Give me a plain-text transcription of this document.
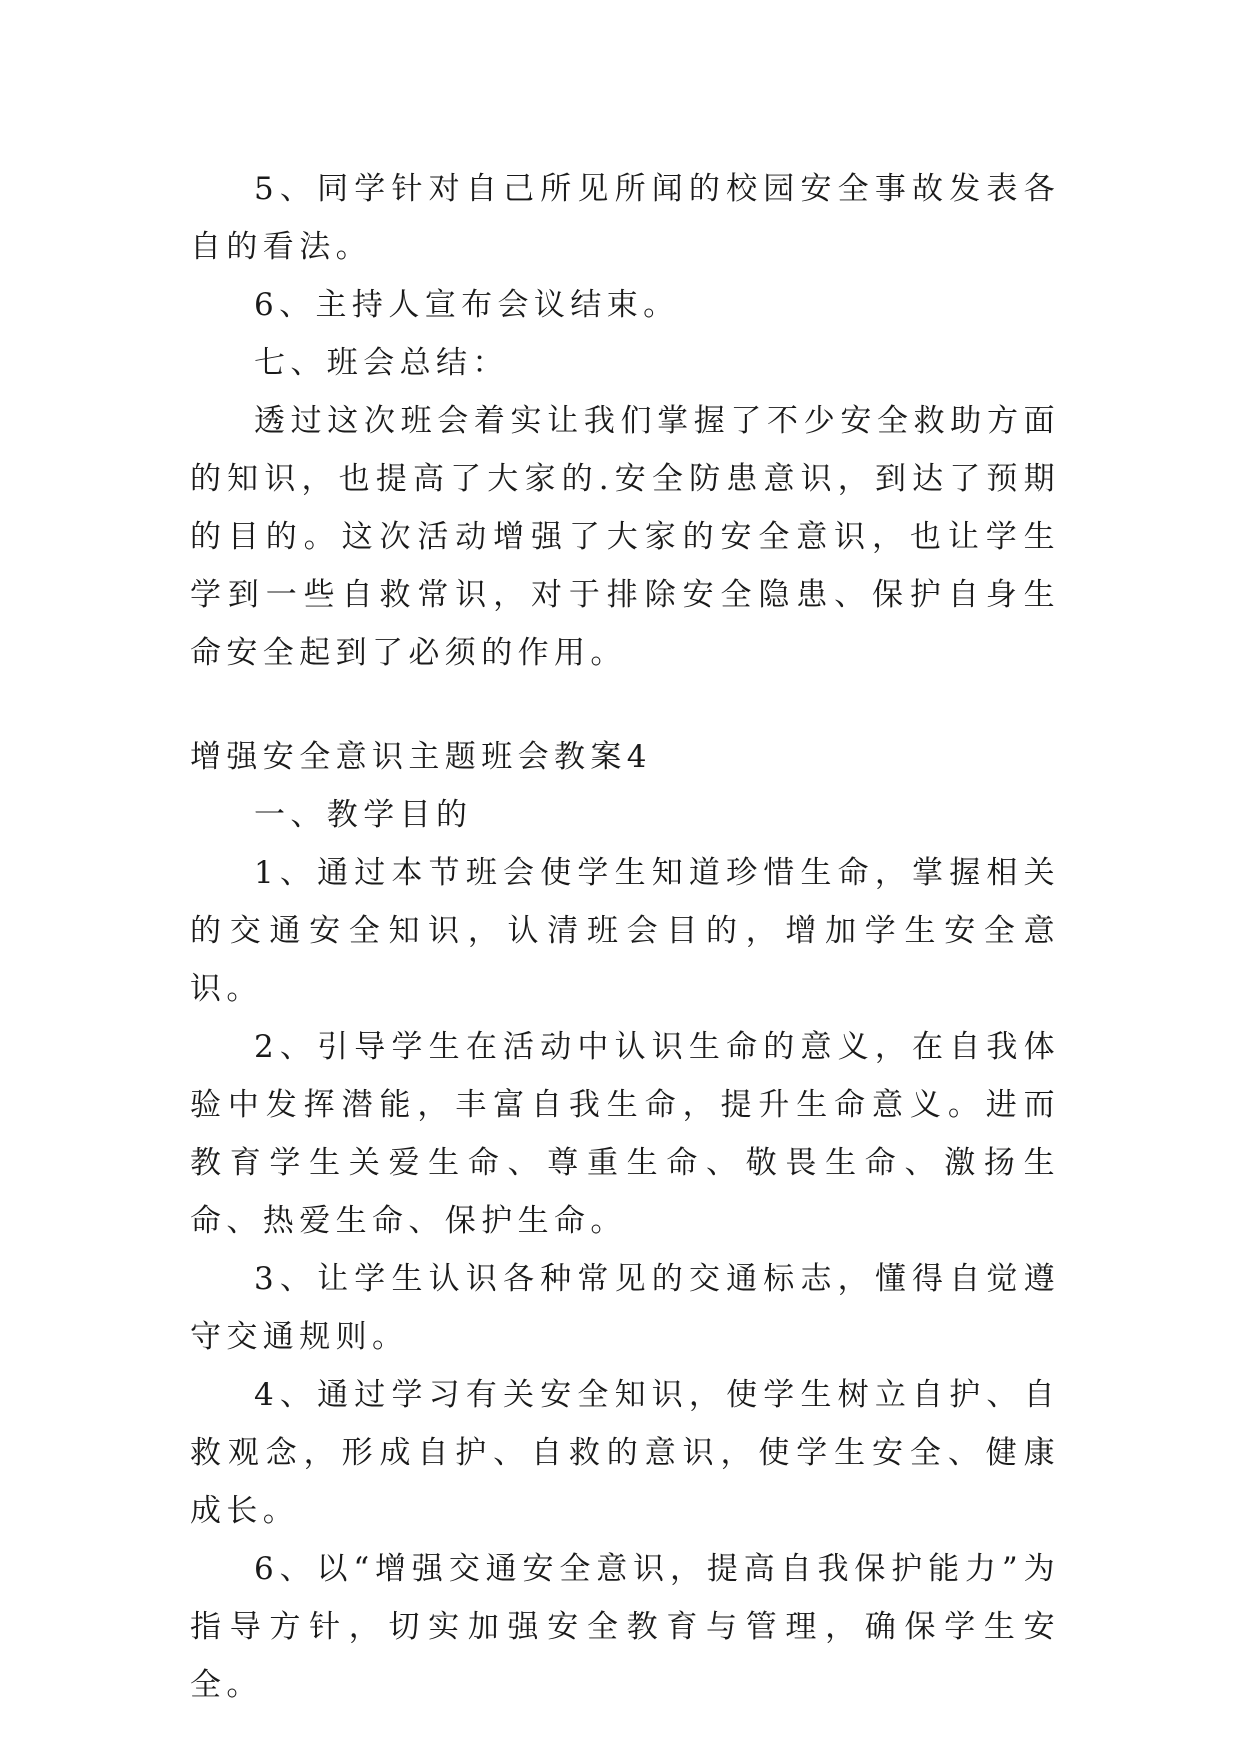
5、同学针对自己所见所闻的校园安全事故发表各自的看法。

6、主持人宣布会议结束。

七、班会总结：

透过这次班会着实让我们掌握了不少安全救助方面的知识，也提高了大家的.安全防患意识，到达了预期的目的。这次活动增强了大家的安全意识，也让学生学到一些自救常识，对于排除安全隐患、保护自身生命安全起到了必须的作用。

增强安全意识主题班会教案4

一、教学目的

1、通过本节班会使学生知道珍惜生命，掌握相关的交通安全知识，认清班会目的，增加学生安全意识。

2、引导学生在活动中认识生命的意义，在自我体验中发挥潜能，丰富自我生命，提升生命意义。进而教育学生关爱生命、尊重生命、敬畏生命、激扬生命、热爱生命、保护生命。

3、让学生认识各种常见的交通标志，懂得自觉遵守交通规则。

4、通过学习有关安全知识，使学生树立自护、自救观念，形成自护、自救的意识，使学生安全、健康成长。

6、以“增强交通安全意识，提高自我保护能力”为指导方针，切实加强安全教育与管理，确保学生安全。
